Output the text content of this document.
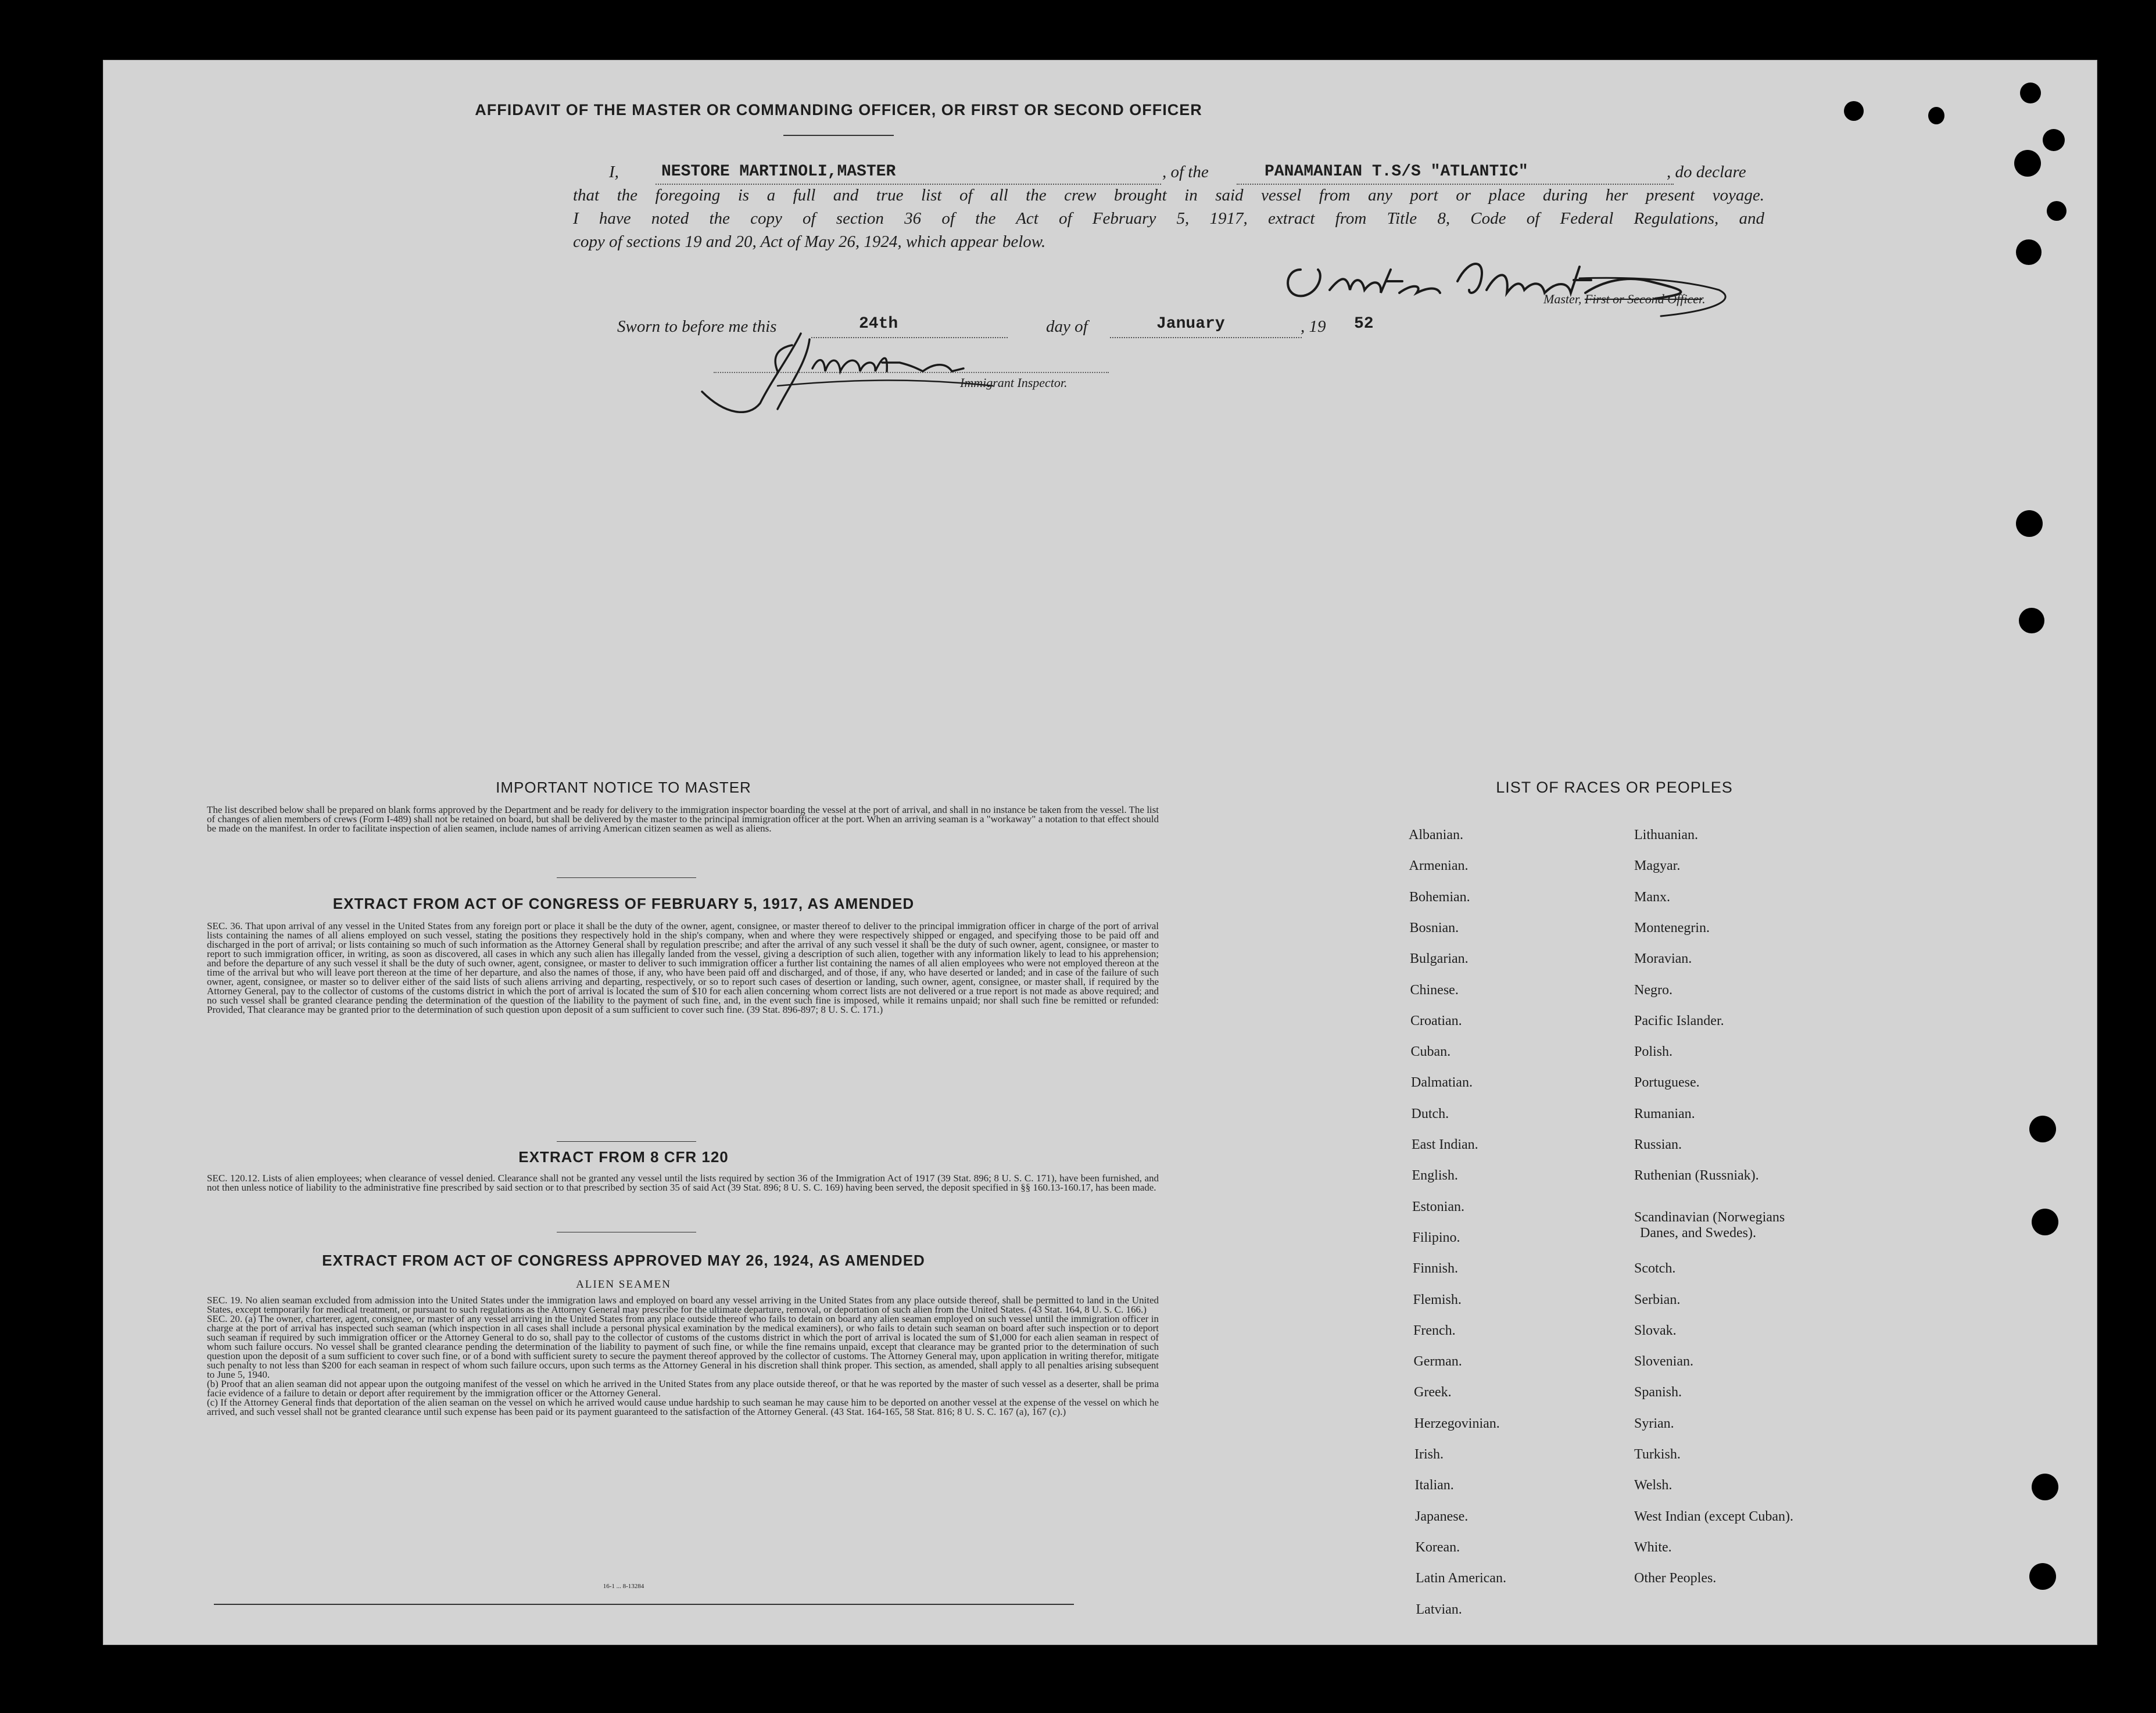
AFFIDAVIT OF THE MASTER OR COMMANDING OFFICER, OR FIRST OR SECOND OFFICER
I,	NESTORE MARTINOLI,MASTER	, of the	PANAMANIAN T.S/S "ATLANTIC"	, do declare
that the foregoing is a full and true list of all the crew brought in said vessel from any port or place during her present voyage.
I have noted the copy of section 36 of the Act of February 5, 1917, extract from Title 8, Code of Federal Regulations, and
copy of sections 19 and 20, Act of May 26, 1924, which appear below.
Master, First or Second Officer.
Sworn to before me this	24th	day of	January	, 19 52
Immigrant Inspector.
IMPORTANT NOTICE TO MASTER
The list described below shall be prepared on blank forms approved by the Department and be ready for delivery to the immigration inspector boarding the vessel at the port of arrival, and shall in no instance be taken from the vessel. The list of changes of alien members of crews (Form I-489) shall not be retained on board, but shall be delivered by the master to the principal immigration officer at the port. When an arriving seaman is a "workaway" a notation to that effect should be made on the manifest. In order to facilitate inspection of alien seamen, include names of arriving American citizen seamen as well as aliens.
EXTRACT FROM ACT OF CONGRESS OF FEBRUARY 5, 1917, AS AMENDED
SEC. 36. That upon arrival of any vessel in the United States from any foreign port or place it shall be the duty of the owner, agent, consignee, or master thereof to deliver to the principal immigration officer in charge of the port of arrival lists containing the names of all aliens employed on such vessel, stating the positions they respectively hold in the ship's company, when and where they were respectively shipped or engaged, and specifying those to be paid off and discharged in the port of arrival; or lists containing so much of such information as the Attorney General shall by regulation prescribe; and after the arrival of any such vessel it shall be the duty of such owner, agent, consignee, or master to report to such immigration officer, in writing, as soon as discovered, all cases in which any such alien has illegally landed from the vessel, giving a description of such alien, together with any information likely to lead to his apprehension; and before the departure of any such vessel it shall be the duty of such owner, agent, consignee, or master to deliver to such immigration officer a further list containing the names of all alien employees who were not employed thereon at the time of the arrival but who will leave port thereon at the time of her departure, and also the names of those, if any, who have been paid off and discharged, and of those, if any, who have deserted or landed; and in case of the failure of such owner, agent, consignee, or master so to deliver either of the said lists of such aliens arriving and departing, respectively, or so to report such cases of desertion or landing, such owner, agent, consignee, or master shall, if required by the Attorney General, pay to the collector of customs of the customs district in which the port of arrival is located the sum of $10 for each alien concerning whom correct lists are not delivered or a true report is not made as above required; and no such vessel shall be granted clearance pending the determination of the question of the liability to the payment of such fine, and, in the event such fine is imposed, while it remains unpaid; nor shall such fine be remitted or refunded: Provided, That clearance may be granted prior to the determination of such question upon deposit of a sum sufficient to cover such fine. (39 Stat. 896-897; 8 U. S. C. 171.)
EXTRACT FROM 8 CFR 120
SEC. 120.12. Lists of alien employees; when clearance of vessel denied. Clearance shall not be granted any vessel until the lists required by section 36 of the Immigration Act of 1917 (39 Stat. 896; 8 U. S. C. 171), have been furnished, and not then unless notice of liability to the administrative fine prescribed by said section or to that prescribed by section 35 of said Act (39 Stat. 896; 8 U. S. C. 169) having been served, the deposit specified in §§ 160.13-160.17, has been made.
EXTRACT FROM ACT OF CONGRESS APPROVED MAY 26, 1924, AS AMENDED
ALIEN SEAMEN
SEC. 19. No alien seaman excluded from admission into the United States under the immigration laws and employed on board any vessel arriving in the United States from any place outside thereof, shall be permitted to land in the United States, except temporarily for medical treatment, or pursuant to such regulations as the Attorney General may prescribe for the ultimate departure, removal, or deportation of such alien from the United States. (43 Stat. 164, 8 U. S. C. 166.)
SEC. 20. (a) The owner, charterer, agent, consignee, or master of any vessel arriving in the United States from any place outside thereof who fails to detain on board any alien seaman employed on such vessel until the immigration officer in charge at the port of arrival has inspected such seaman (which inspection in all cases shall include a personal physical examination by the medical examiners), or who fails to detain such seaman on board after such inspection or to deport such seaman if required by such immigration officer or the Attorney General to do so, shall pay to the collector of customs of the customs district in which the port of arrival is located the sum of $1,000 for each alien seaman in respect of whom such failure occurs. No vessel shall be granted clearance pending the determination of the liability to payment of such fine, or while the fine remains unpaid, except that clearance may be granted prior to the determination of such question upon the deposit of a sum sufficient to cover such fine, or of a bond with sufficient surety to secure the payment thereof approved by the collector of customs. The Attorney General may, upon application in writing therefor, mitigate such penalty to not less than $200 for each seaman in respect of whom such failure occurs, upon such terms as the Attorney General in his discretion shall think proper. This section, as amended, shall apply to all penalties arising subsequent to June 5, 1940.
(b) Proof that an alien seaman did not appear upon the outgoing manifest of the vessel on which he arrived in the United States from any place outside thereof, or that he was reported by the master of such vessel as a deserter, shall be prima facie evidence of a failure to detain or deport after requirement by the immigration officer or the Attorney General.
(c) If the Attorney General finds that deportation of the alien seaman on the vessel on which he arrived would cause undue hardship to such seaman he may cause him to be deported on another vessel at the expense of the vessel on which he arrived, and such vessel shall not be granted clearance until such expense has been paid or its payment guaranteed to the satisfaction of the Attorney General. (43 Stat. 164-165, 58 Stat. 816; 8 U. S. C. 167 (a), 167 (c).)
16-1 ... 8-13284
LIST OF RACES OR PEOPLES
Albanian.
Armenian.
Bohemian.
Bosnian.
Bulgarian.
Chinese.
Croatian.
Cuban.
Dalmatian.
Dutch.
East Indian.
English.
Estonian.
Filipino.
Finnish.
Flemish.
French.
German.
Greek.
Herzegovinian.
Irish.
Italian.
Japanese.
Korean.
Latin American.
Latvian.
Lithuanian.
Magyar.
Manx.
Montenegrin.
Moravian.
Negro.
Pacific Islander.
Polish.
Portuguese.
Rumanian.
Russian.
Ruthenian (Russniak).
Scandinavian (Norwegians
Danes, and Swedes).
Scotch.
Serbian.
Slovak.
Slovenian.
Spanish.
Syrian.
Turkish.
Welsh.
West Indian (except Cuban).
White.
Other Peoples.
